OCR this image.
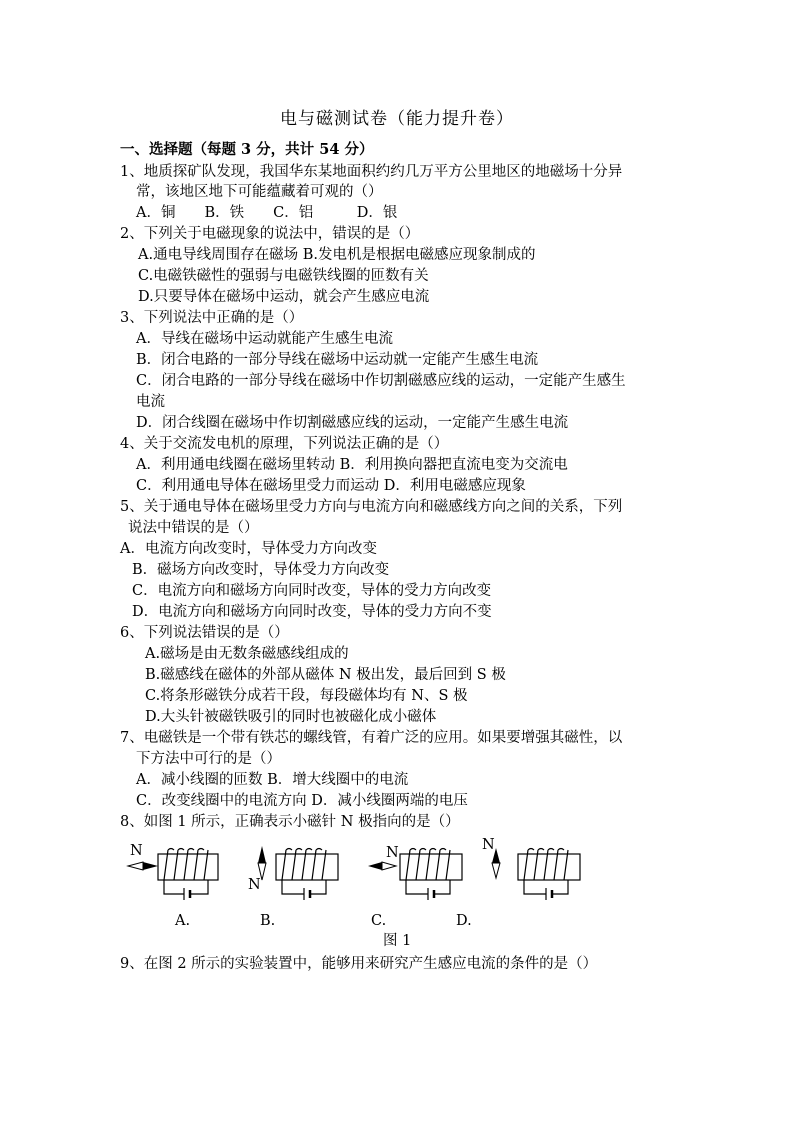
电与磁测试卷（能力提升卷）
一、选择题（每题 3 分，共计 54 分）
1、地质探矿队发现，我国华东某地面积约约几万平方公里地区的地磁场十分异
常，该地区地下可能蕴藏着可观的（）
A．铜　　B．铁　　C．铝　　　D．银
2、下列关于电磁现象的说法中，错误的是（）
A.通电导线周围存在磁场 B.发电机是根据电磁感应现象制成的
C.电磁铁磁性的强弱与电磁铁线圈的匝数有关
D.只要导体在磁场中运动，就会产生感应电流
3、下列说法中正确的是（）
A．导线在磁场中运动就能产生感生电流
B．闭合电路的一部分导线在磁场中运动就一定能产生感生电流
C．闭合电路的一部分导线在磁场中作切割磁感应线的运动，一定能产生感生
电流
D．闭合线圈在磁场中作切割磁感应线的运动，一定能产生感生电流
4、关于交流发电机的原理，下列说法正确的是（）
A．利用通电线圈在磁场里转动 B．利用换向器把直流电变为交流电
C．利用通电导体在磁场里受力而运动 D．利用电磁感应现象
5、关于通电导体在磁场里受力方向与电流方向和磁感线方向之间的关系，下列
说法中错误的是（）
A．电流方向改变时，导体受力方向改变
B．磁场方向改变时，导体受力方向改变
C．电流方向和磁场方向同时改变，导体的受力方向改变
D．电流方向和磁场方向同时改变，导体的受力方向不变
6、下列说法错误的是（）
A.磁场是由无数条磁感线组成的
B.磁感线在磁体的外部从磁体 N 极出发，最后回到 S 极
C.将条形磁铁分成若干段，每段磁体均有 N、S 极
D.大头针被磁铁吸引的同时也被磁化成小磁体
7、电磁铁是一个带有铁芯的螺线管，有着广泛的应用。如果要增强其磁性，以
下方法中可行的是（）
A．减小线圈的匝数 B．增大线圈中的电流
C．改变线圈中的电流方向 D．减小线圈两端的电压
8、如图 1 所示，正确表示小磁针 N 极指向的是（）
N
N
N	N
A.	B.	C.	D.
图 1
9、在图 2 所示的实验装置中，能够用来研究产生感应电流的条件的是（）
